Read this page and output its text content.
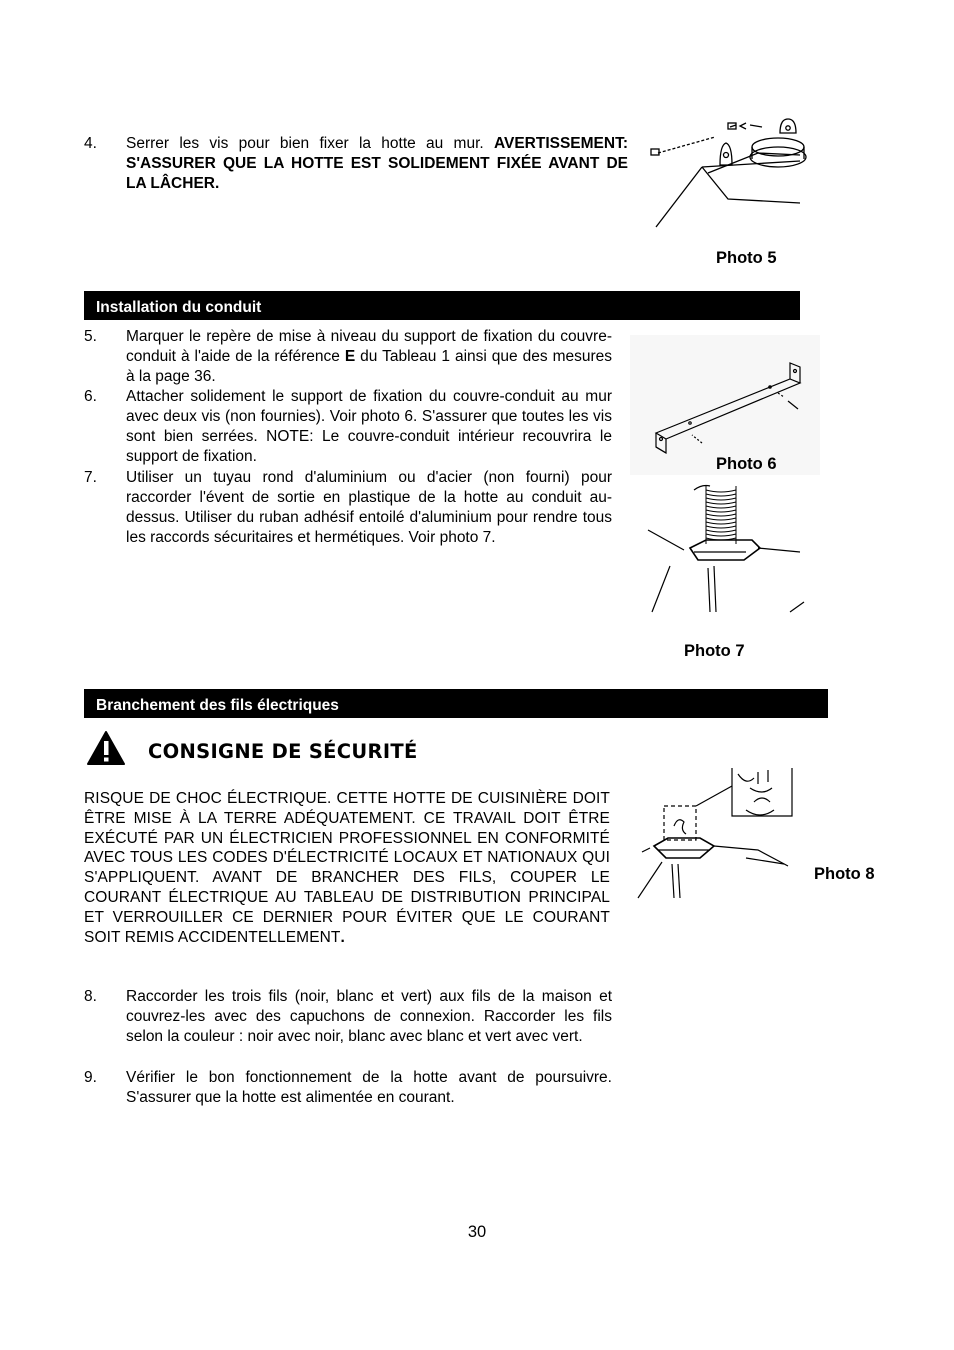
4.	Serrer les vis pour bien fixer la hotte au mur. AVERTISSEMENT: S'ASSURER QUE LA HOTTE EST SOLIDEMENT FIXÉE AVANT DE LA LÂCHER.
Photo 5
Installation du conduit
5.	Marquer le repère de mise à niveau du support de fixation du couvre-conduit à l'aide de la référence E du Tableau 1 ainsi que des mesures à la page 36.
6.	Attacher solidement le support de fixation du couvre-conduit au mur avec deux vis (non fournies). Voir photo 6. S'assurer que toutes les vis sont bien serrées. NOTE: Le couvre-conduit intérieur recouvrira le support de fixation.
7.	Utiliser un tuyau rond d'aluminium ou d'acier (non fourni) pour raccorder l'évent de sortie en plastique de la hotte au conduit au-dessus. Utiliser du ruban adhésif entoilé d'aluminium pour rendre tous les raccords sécuritaires et hermétiques. Voir photo 7.
Photo 6
Photo 7
Branchement des fils électriques
CONSIGNE DE SÉCURITÉ
RISQUE DE CHOC ÉLECTRIQUE. CETTE HOTTE DE CUISINIÈRE DOIT ÊTRE MISE À LA TERRE ADÉQUATEMENT. CE TRAVAIL DOIT ÊTRE EXÉCUTÉ PAR UN ÉLECTRICIEN PROFESSIONNEL EN CONFORMITÉ AVEC TOUS LES CODES D'ÉLECTRICITÉ LOCAUX ET NATIONAUX QUI S'APPLIQUENT. AVANT DE BRANCHER DES FILS, COUPER LE COURANT ÉLECTRIQUE AU TABLEAU DE DISTRIBUTION PRINCIPAL ET VERROUILLER CE DERNIER POUR ÉVITER QUE LE COURANT SOIT REMIS ACCIDENTELLEMENT.
Photo 8
8.	Raccorder les trois fils (noir, blanc et vert) aux fils de la maison et couvrez-les avec des capuchons de connexion. Raccorder les fils selon la couleur : noir avec noir, blanc avec blanc et vert avec vert.
9.	Vérifier le bon fonctionnement de la hotte avant de poursuivre. S'assurer que la hotte est alimentée en courant.
30
